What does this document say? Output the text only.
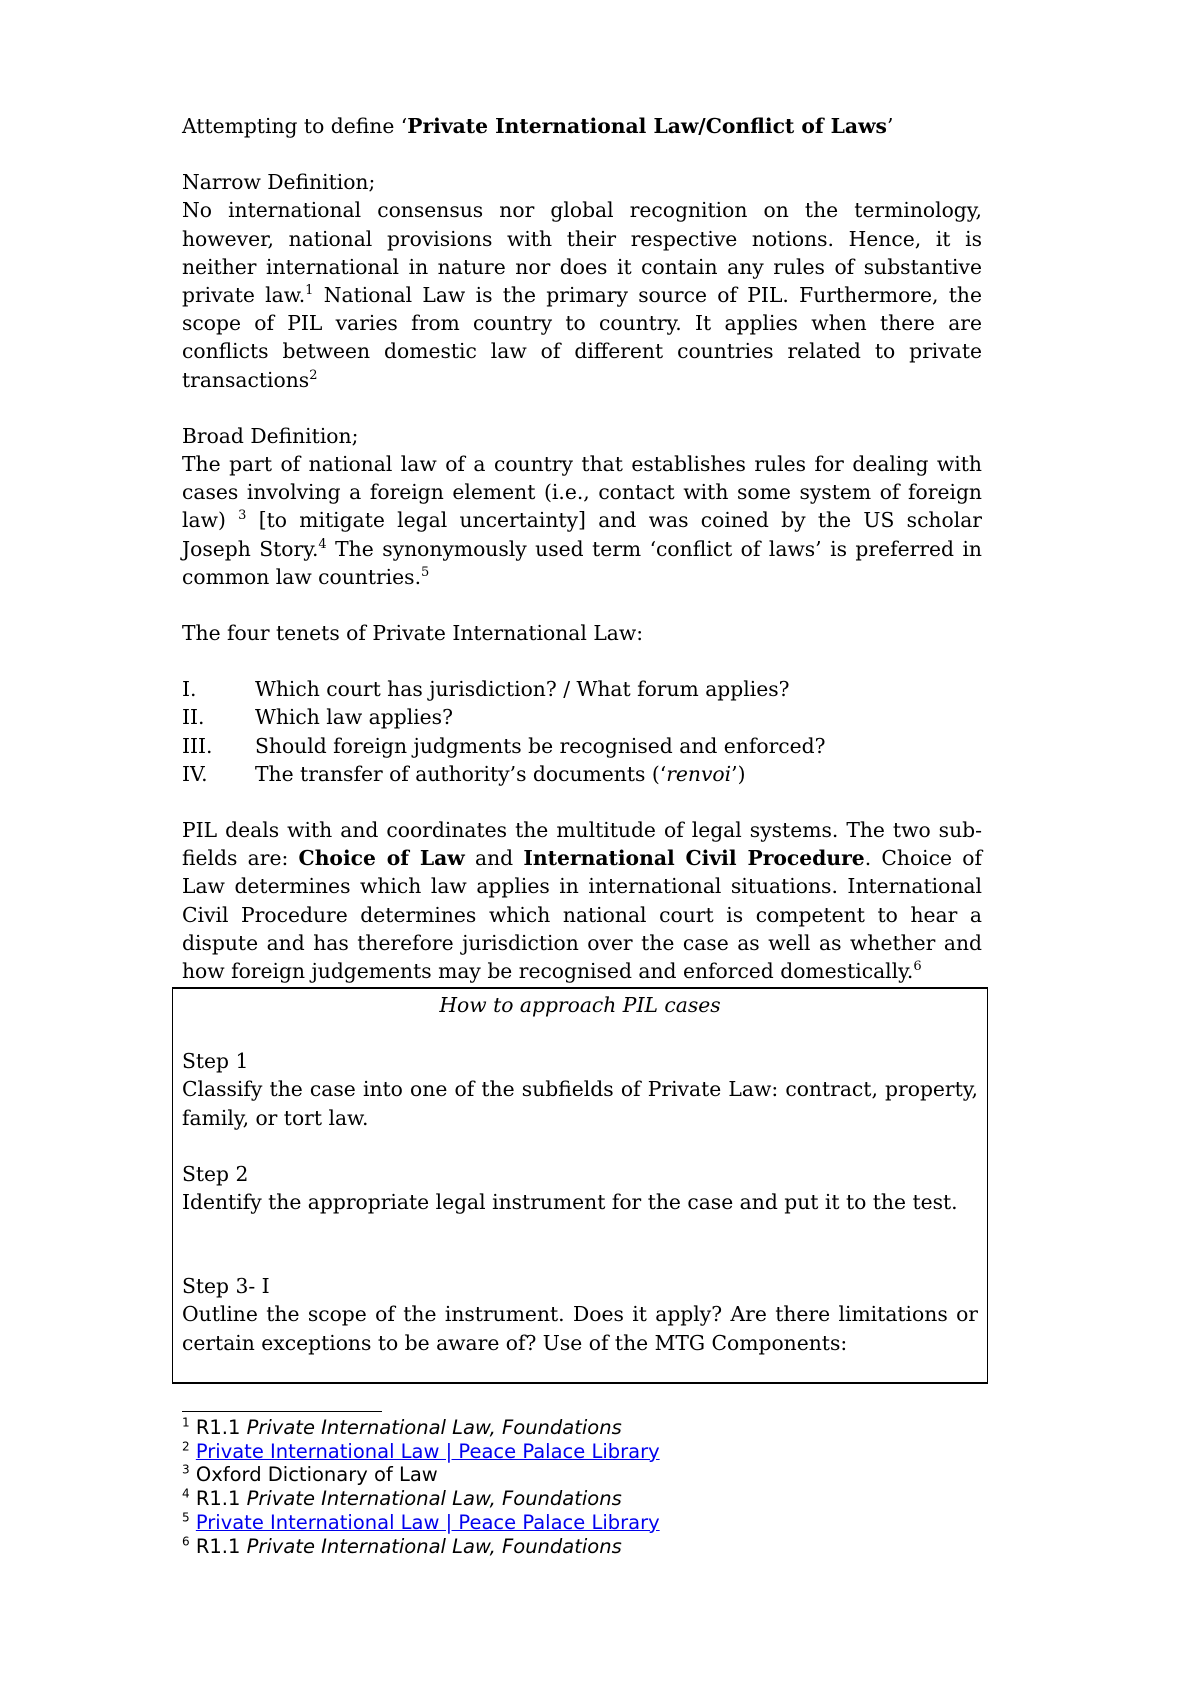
Attempting to define ‘Private International Law/Conflict of Laws’

Narrow Definition;

No international consensus nor global recognition on the terminology, however, national provisions with their respective notions. Hence, it is neither international in nature nor does it contain any rules of substantive private law.$^1$ National Law is the primary source of PIL. Furthermore, the scope of PIL varies from country to country. It applies when there are conflicts between domestic law of different countries related to private transactions$^2$

Broad Definition;

The part of national law of a country that establishes rules for dealing with cases involving a foreign element (i.e., contact with some system of foreign law) $^3$ [to mitigate legal uncertainty] and was coined by the US scholar Joseph Story.$^4$ The synonymously used term ‘conflict of laws’ is preferred in common law countries.$^5$

The four tenets of Private International Law:

I.	Which court has jurisdiction? / What forum applies?
II.	Which law applies?
III.	Should foreign judgments be recognised and enforced?
IV.	The transfer of authority’s documents (‘renvoi’)

PIL deals with and coordinates the multitude of legal systems. The two sub-fields are: Choice of Law and International Civil Procedure. Choice of Law determines which law applies in international situations. International Civil Procedure determines which national court is competent to hear a dispute and has therefore jurisdiction over the case as well as whether and how foreign judgements may be recognised and enforced domestically.$^6$

How to approach PIL cases

Step 1

Classify the case into one of the subfields of Private Law: contract, property, family, or tort law.

Step 2

Identify the appropriate legal instrument for the case and put it to the test.

Step 3- I

Outline the scope of the instrument. Does it apply? Are there limitations or certain exceptions to be aware of? Use of the MTG Components:

$^1$ R1.1 Private International Law, Foundations
$^2$ Private International Law | Peace Palace Library
$^3$ Oxford Dictionary of Law
$^4$ R1.1 Private International Law, Foundations
$^5$ Private International Law | Peace Palace Library
$^6$ R1.1 Private International Law, Foundations
